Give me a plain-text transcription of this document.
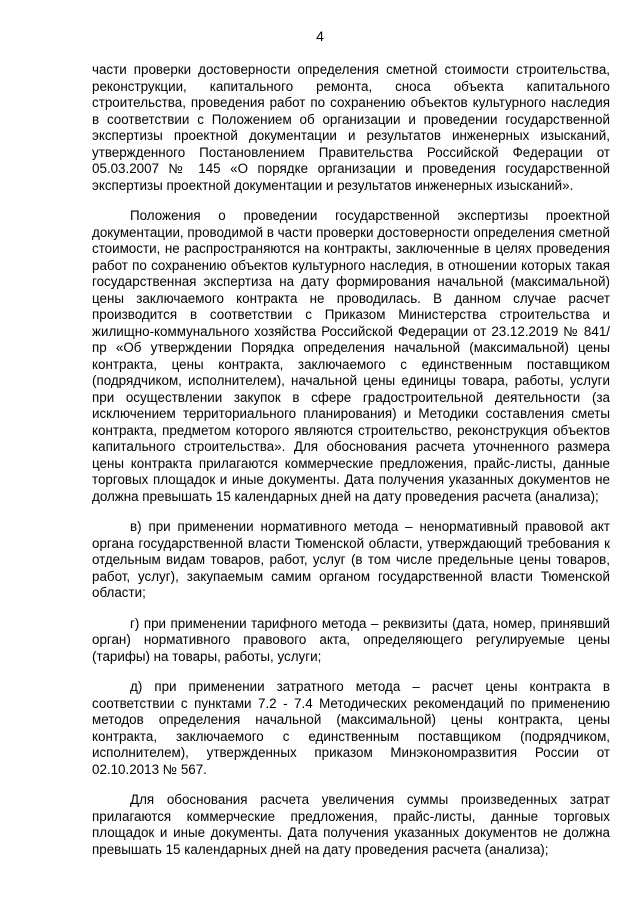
4

части проверки достоверности определения сметной стоимости строительства, реконструкции, капитального ремонта, сноса объекта капитального строительства, проведения работ по сохранению объектов культурного наследия в соответствии с Положением об организации и проведении государственной экспертизы проектной документации и результатов инженерных изысканий, утвержденного Постановлением Правительства Российской Федерации от 05.03.2007 № 145 «О порядке организации и проведения государственной экспертизы проектной документации и результатов инженерных изысканий».

Положения о проведении государственной экспертизы проектной документации, проводимой в части проверки достоверности определения сметной стоимости, не распространяются на контракты, заключенные в целях проведения работ по сохранению объектов культурного наследия, в отношении которых такая государственная экспертиза на дату формирования начальной (максимальной) цены заключаемого контракта не проводилась. В данном случае расчет производится в соответствии с Приказом Министерства строительства и жилищно-коммунального хозяйства Российской Федерации от 23.12.2019 № 841/пр «Об утверждении Порядка определения начальной (максимальной) цены контракта, цены контракта, заключаемого с единственным поставщиком (подрядчиком, исполнителем), начальной цены единицы товара, работы, услуги при осуществлении закупок в сфере градостроительной деятельности (за исключением территориального планирования) и Методики составления сметы контракта, предметом которого являются строительство, реконструкция объектов капитального строительства». Для обоснования расчета уточненного размера цены контракта прилагаются коммерческие предложения, прайс-листы, данные торговых площадок и иные документы. Дата получения указанных документов не должна превышать 15 календарных дней на дату проведения расчета (анализа);

в) при применении нормативного метода – ненормативный правовой акт органа государственной власти Тюменской области, утверждающий требования к отдельным видам товаров, работ, услуг (в том числе предельные цены товаров, работ, услуг), закупаемым самим органом государственной власти Тюменской области;

г) при применении тарифного метода – реквизиты (дата, номер, принявший орган) нормативного правового акта, определяющего регулируемые цены (тарифы) на товары, работы, услуги;

д) при применении затратного метода – расчет цены контракта в соответствии с пунктами 7.2 - 7.4 Методических рекомендаций по применению методов определения начальной (максимальной) цены контракта, цены контракта, заключаемого с единственным поставщиком (подрядчиком, исполнителем), утвержденных приказом Минэкономразвития России от 02.10.2013 № 567.

Для обоснования расчета увеличения суммы произведенных затрат прилагаются коммерческие предложения, прайс-листы, данные торговых площадок и иные документы. Дата получения указанных документов не должна превышать 15 календарных дней на дату проведения расчета (анализа);
